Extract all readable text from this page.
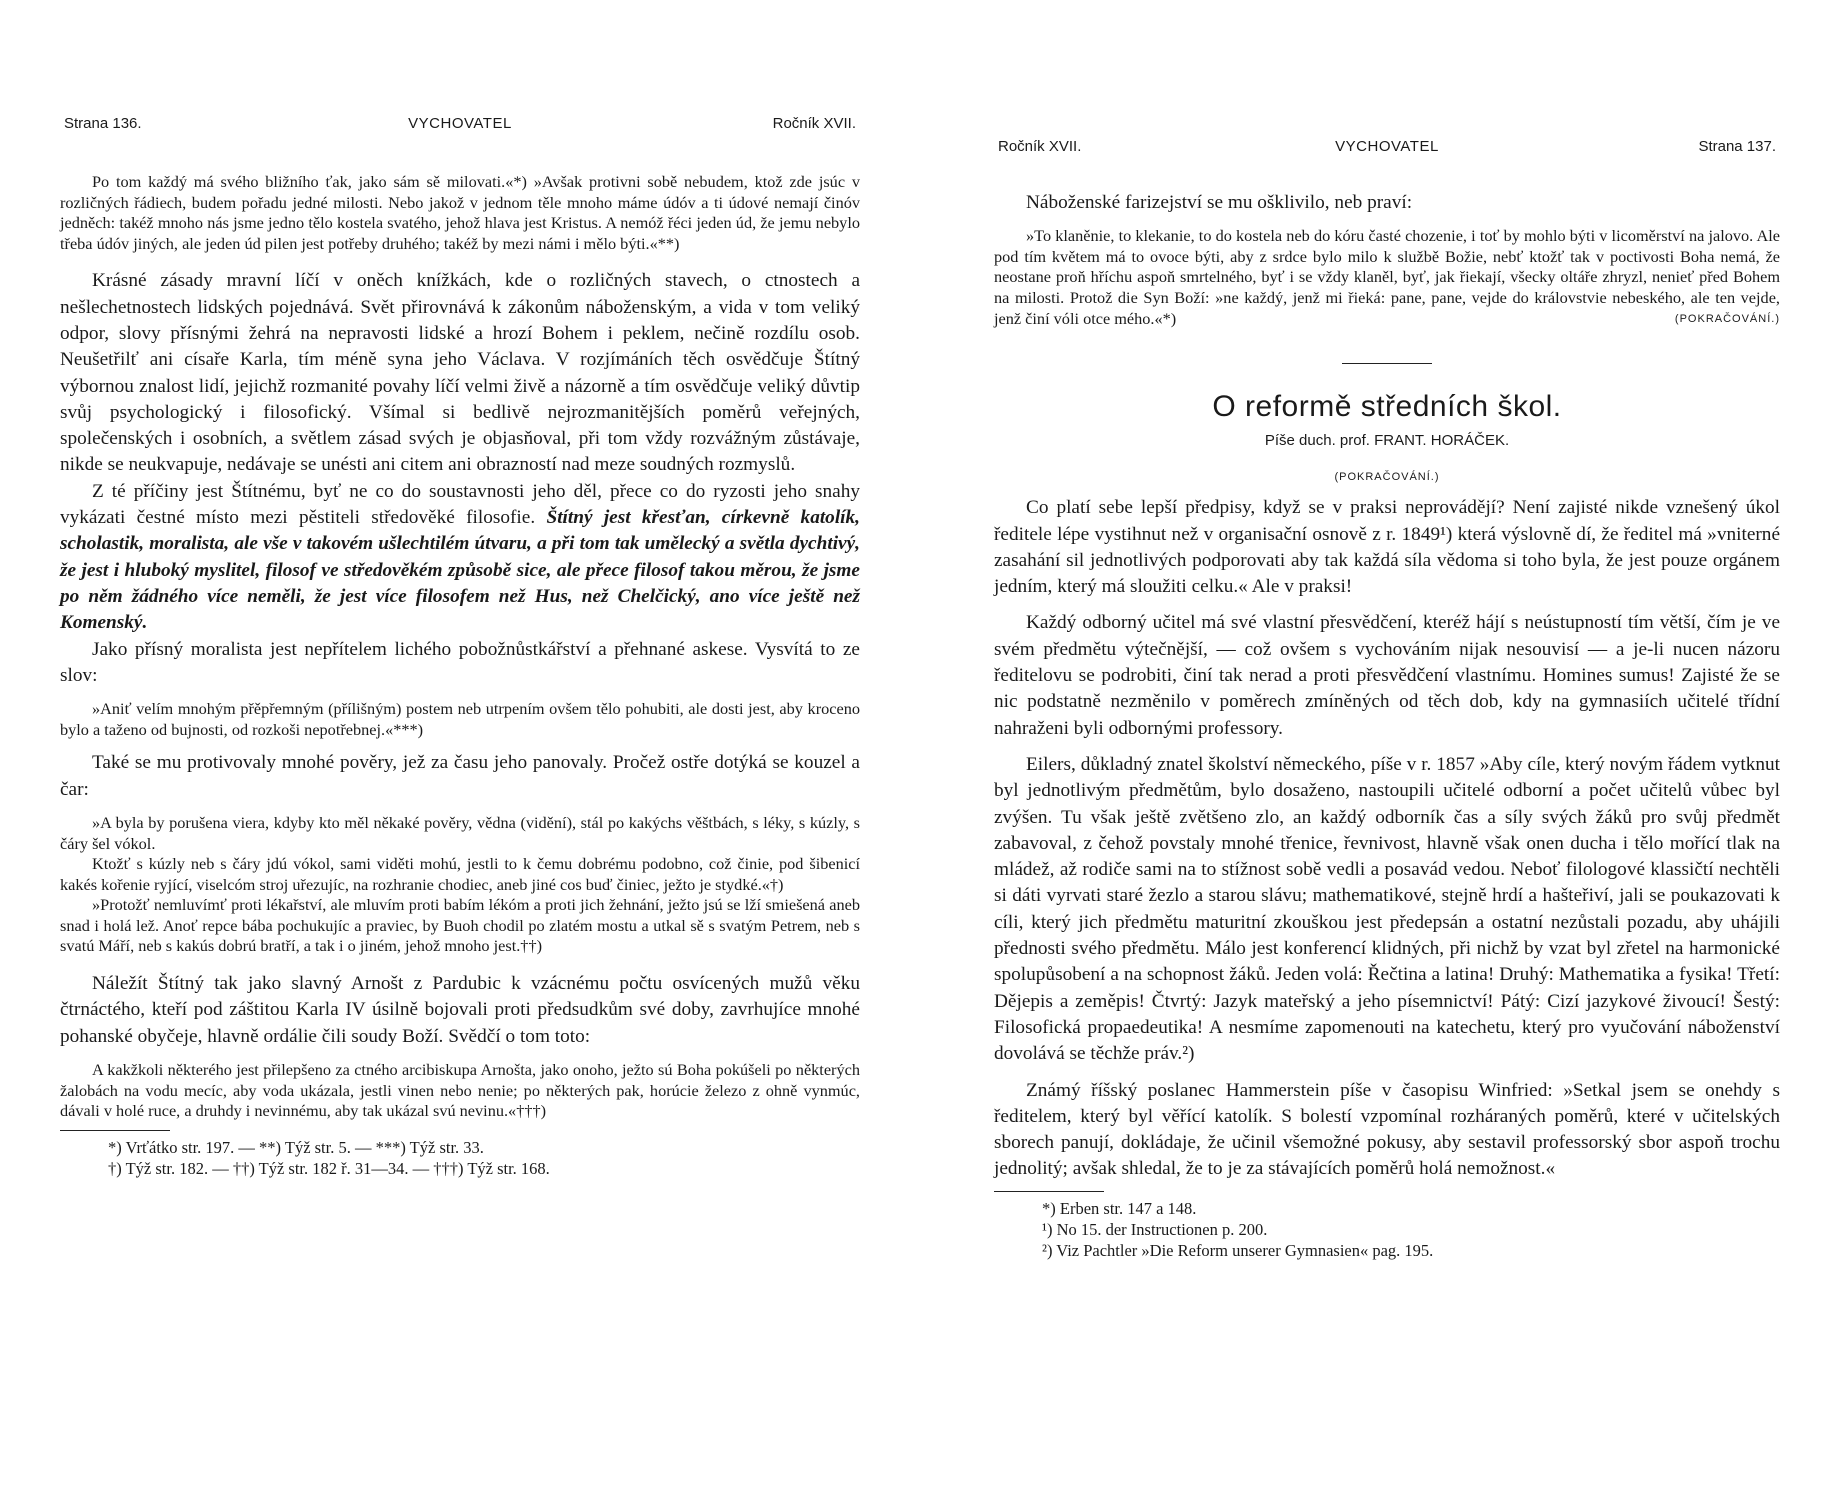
Strana 136.	VYCHOVATEL	Ročník XVII.

Po tom každý má svého bližního ťak, jako sám sě milovati.«*) »Avšak protivni sobě nebudem, ktož zde jsúc v rozličných řádiech, budem pořadu jedné milosti. Nebo jakož v jednom těle mnoho máme údóv a ti údové nemají činóv jedněch: takéž mnoho nás jsme jedno tělo kostela svatého, jehož hlava jest Kristus. A nemóž řéci jeden úd, že jemu nebylo třeba údóv jiných, ale jeden úd pilen jest potřeby druhého; takéž by mezi námi i mělo býti.«**)

Krásné zásady mravní líčí v oněch knížkách, kde o rozličných stavech, o ctnostech a nešlechetnostech lidských pojednává. Svět přirovnává k zákonům náboženským, a vida v tom veliký odpor, slovy přísnými žehrá na nepravosti lidské a hrozí Bohem i peklem, nečině rozdílu osob. Neušetřilť ani císaře Karla, tím méně syna jeho Václava. V rozjímáních těch osvědčuje Štítný výbornou znalost lidí, jejichž rozmanité povahy líčí velmi živě a názorně a tím osvědčuje veliký důvtip svůj psychologický i filosofický. Všímal si bedlivě nejrozmanitějších poměrů veřejných, společenských i osobních, a světlem zásad svých je objasňoval, při tom vždy rozvážným zůstávaje, nikde se neukvapuje, nedávaje se unésti ani citem ani obrazností nad meze soudných rozmyslů.

Z té příčiny jest Štítnému, byť ne co do soustavnosti jeho děl, přece co do ryzosti jeho snahy vykázati čestné místo mezi pěstiteli středověké filosofie. Štítný jest křesťan, církevně katolík, scholastik, moralista, ale vše v takovém ušlechtilém útvaru, a při tom tak umělecký a světla dychtivý, že jest i hluboký myslitel, filosof ve středověkém způsobě sice, ale přece filosof takou měrou, že jsme po něm žádného více neměli, že jest více filosofem než Hus, než Chelčický, ano více ještě než Komenský.

Jako přísný moralista jest nepřítelem lichého pobožnůstkářství a přehnané askese. Vysvítá to ze slov:

»Aniť velím mnohým přěpřemným (přílišným) postem neb utrpením ovšem tělo pohubiti, ale dosti jest, aby kroceno bylo a taženo od bujnosti, od rozkoši nepotřebnej.«***)

Také se mu protivovaly mnohé pověry, jež za času jeho panovaly. Pročež ostře dotýká se kouzel a čar:

»A byla by porušena viera, kdyby kto měl někaké pověry, vědna (vidění), stál po kakýchs věštbách, s léky, s kúzly, s čáry šel vókol.

Ktožť s kúzly neb s čáry jdú vókol, sami viděti mohú, jestli to k čemu dobrému podobno, což činie, pod šibenicí kakés kořenie ryjící, viselcóm stroj uřezujíc, na rozhranie chodiec, aneb jiné cos buď činiec, ježto je stydké.«†)

»Protožť nemluvímť proti lékařství, ale mluvím proti babím lékóm a proti jich žehnání, ježto jsú se lží smiešená aneb snad i holá lež. Anoť repce bába pochukujíc a praviec, by Buoh chodil po zlatém mostu a utkal sě s svatým Petrem, neb s svatú Máří, neb s kakús dobrú bratří, a tak i o jiném, jehož mnoho jest.††)

Náležít Štítný tak jako slavný Arnošt z Pardubic k vzácnému počtu osvícených mužů věku čtrnáctého, kteří pod záštitou Karla IV úsilně bojovali proti předsudkům své doby, zavrhujíce mnohé pohanské obyčeje, hlavně ordálie čili soudy Boží. Svědčí o tom toto:

A kakžkoli některého jest přilepšeno za ctného arcibiskupa Arnošta, jako onoho, ježto sú Boha pokúšeli po některých žalobách na vodu mecíc, aby voda ukázala, jestli vinen nebo nenie; po některých pak, horúcie železo z ohně vynmúc, dávali v holé ruce, a druhdy i nevinnému, aby tak ukázal svú nevinu.«†††)

*) Vrťátko str. 197. — **) Týž str. 5. — ***) Týž str. 33.

†) Týž str. 182. — ††) Týž str. 182 ř. 31—34. — †††) Týž str. 168.

Ročník XVII.	VYCHOVATEL	Strana 137.

Náboženské farizejství se mu ošklivilo, neb praví:

»To klaněnie, to klekanie, to do kostela neb do kóru časté chozenie, i toť by mohlo býti v licoměrství na jalovo. Ale pod tím květem má to ovoce býti, aby z srdce bylo milo k službě Božie, nebť ktožť tak v poctivosti Boha nemá, že neostane proň hříchu aspoň smrtelného, byť i se vždy klaněl, byť, jak řiekají, všecky oltáře zhryzl, nenieť před Bohem na milosti. Protož die Syn Boží: »ne každý, jenž mi řieká: pane, pane, vejde do královstvie nebeského, ale ten vejde, jenž činí vóli otce mého.«*)	(POKRAČOVÁNÍ.)

O reformě středních škol.

Píše duch. prof. FRANT. HORÁČEK.

(POKRAČOVÁNÍ.)

Co platí sebe lepší předpisy, když se v praksi neprovádějí? Není zajisté nikde vznešený úkol ředitele lépe vystihnut než v organisační osnově z r. 1849¹) která výslovně dí, že ředitel má »vniterné zasahání sil jednotlivých podporovati aby tak každá síla vědoma si toho byla, že jest pouze orgánem jedním, který má sloužiti celku.« Ale v praksi!

Každý odborný učitel má své vlastní přesvědčení, kteréž hájí s neústupností tím větší, čím je ve svém předmětu výtečnější, — což ovšem s vychováním nijak nesouvisí — a je-li nucen názoru ředitelovu se podrobiti, činí tak nerad a proti přesvědčení vlastnímu. Homines sumus! Zajisté že se nic podstatně nezměnilo v poměrech zmíněných od těch dob, kdy na gymnasiích učitelé třídní nahraženi byli odbornými professory.

Eilers, důkladný znatel školství německého, píše v r. 1857 »Aby cíle, který novým řádem vytknut byl jednotlivým předmětům, bylo dosaženo, nastoupili učitelé odborní a počet učitelů vůbec byl zvýšen. Tu však ještě zvětšeno zlo, an každý odborník čas a síly svých žáků pro svůj předmět zabavoval, z čehož povstaly mnohé třenice, řevnivost, hlavně však onen ducha i tělo mořící tlak na mládež, až rodiče sami na to stížnost sobě vedli a posavád vedou. Neboť filologové klassičtí nechtěli si dáti vyrvati staré žezlo a starou slávu; mathematikové, stejně hrdí a hašteřiví, jali se poukazovati k cíli, který jich předmětu maturitní zkouškou jest předepsán a ostatní nezůstali pozadu, aby uhájili přednosti svého předmětu. Málo jest konferencí klidných, při nichž by vzat byl zřetel na harmonické spolupůsobení a na schopnost žáků. Jeden volá: Řečtina a latina! Druhý: Mathematika a fysika! Třetí: Dějepis a zeměpis! Čtvrtý: Jazyk mateřský a jeho písemnictví! Pátý: Cizí jazykové živoucí! Šestý: Filosofická propaedeutika! A nesmíme zapomenouti na katechetu, který pro vyučování náboženství dovolává se těchže práv.²)

Známý říšský poslanec Hammerstein píše v časopisu Winfried: »Setkal jsem se onehdy s ředitelem, který byl věřící katolík. S bolestí vzpomínal rozháraných poměrů, které v učitelských sborech panují, dokládaje, že učinil všemožné pokusy, aby sestavil professorský sbor aspoň trochu jednolitý; avšak shledal, že to je za stávajících poměrů holá nemožnost.«

*) Erben str. 147 a 148.

¹) No 15. der Instructionen p. 200.

²) Viz Pachtler »Die Reform unserer Gymnasien« pag. 195.
